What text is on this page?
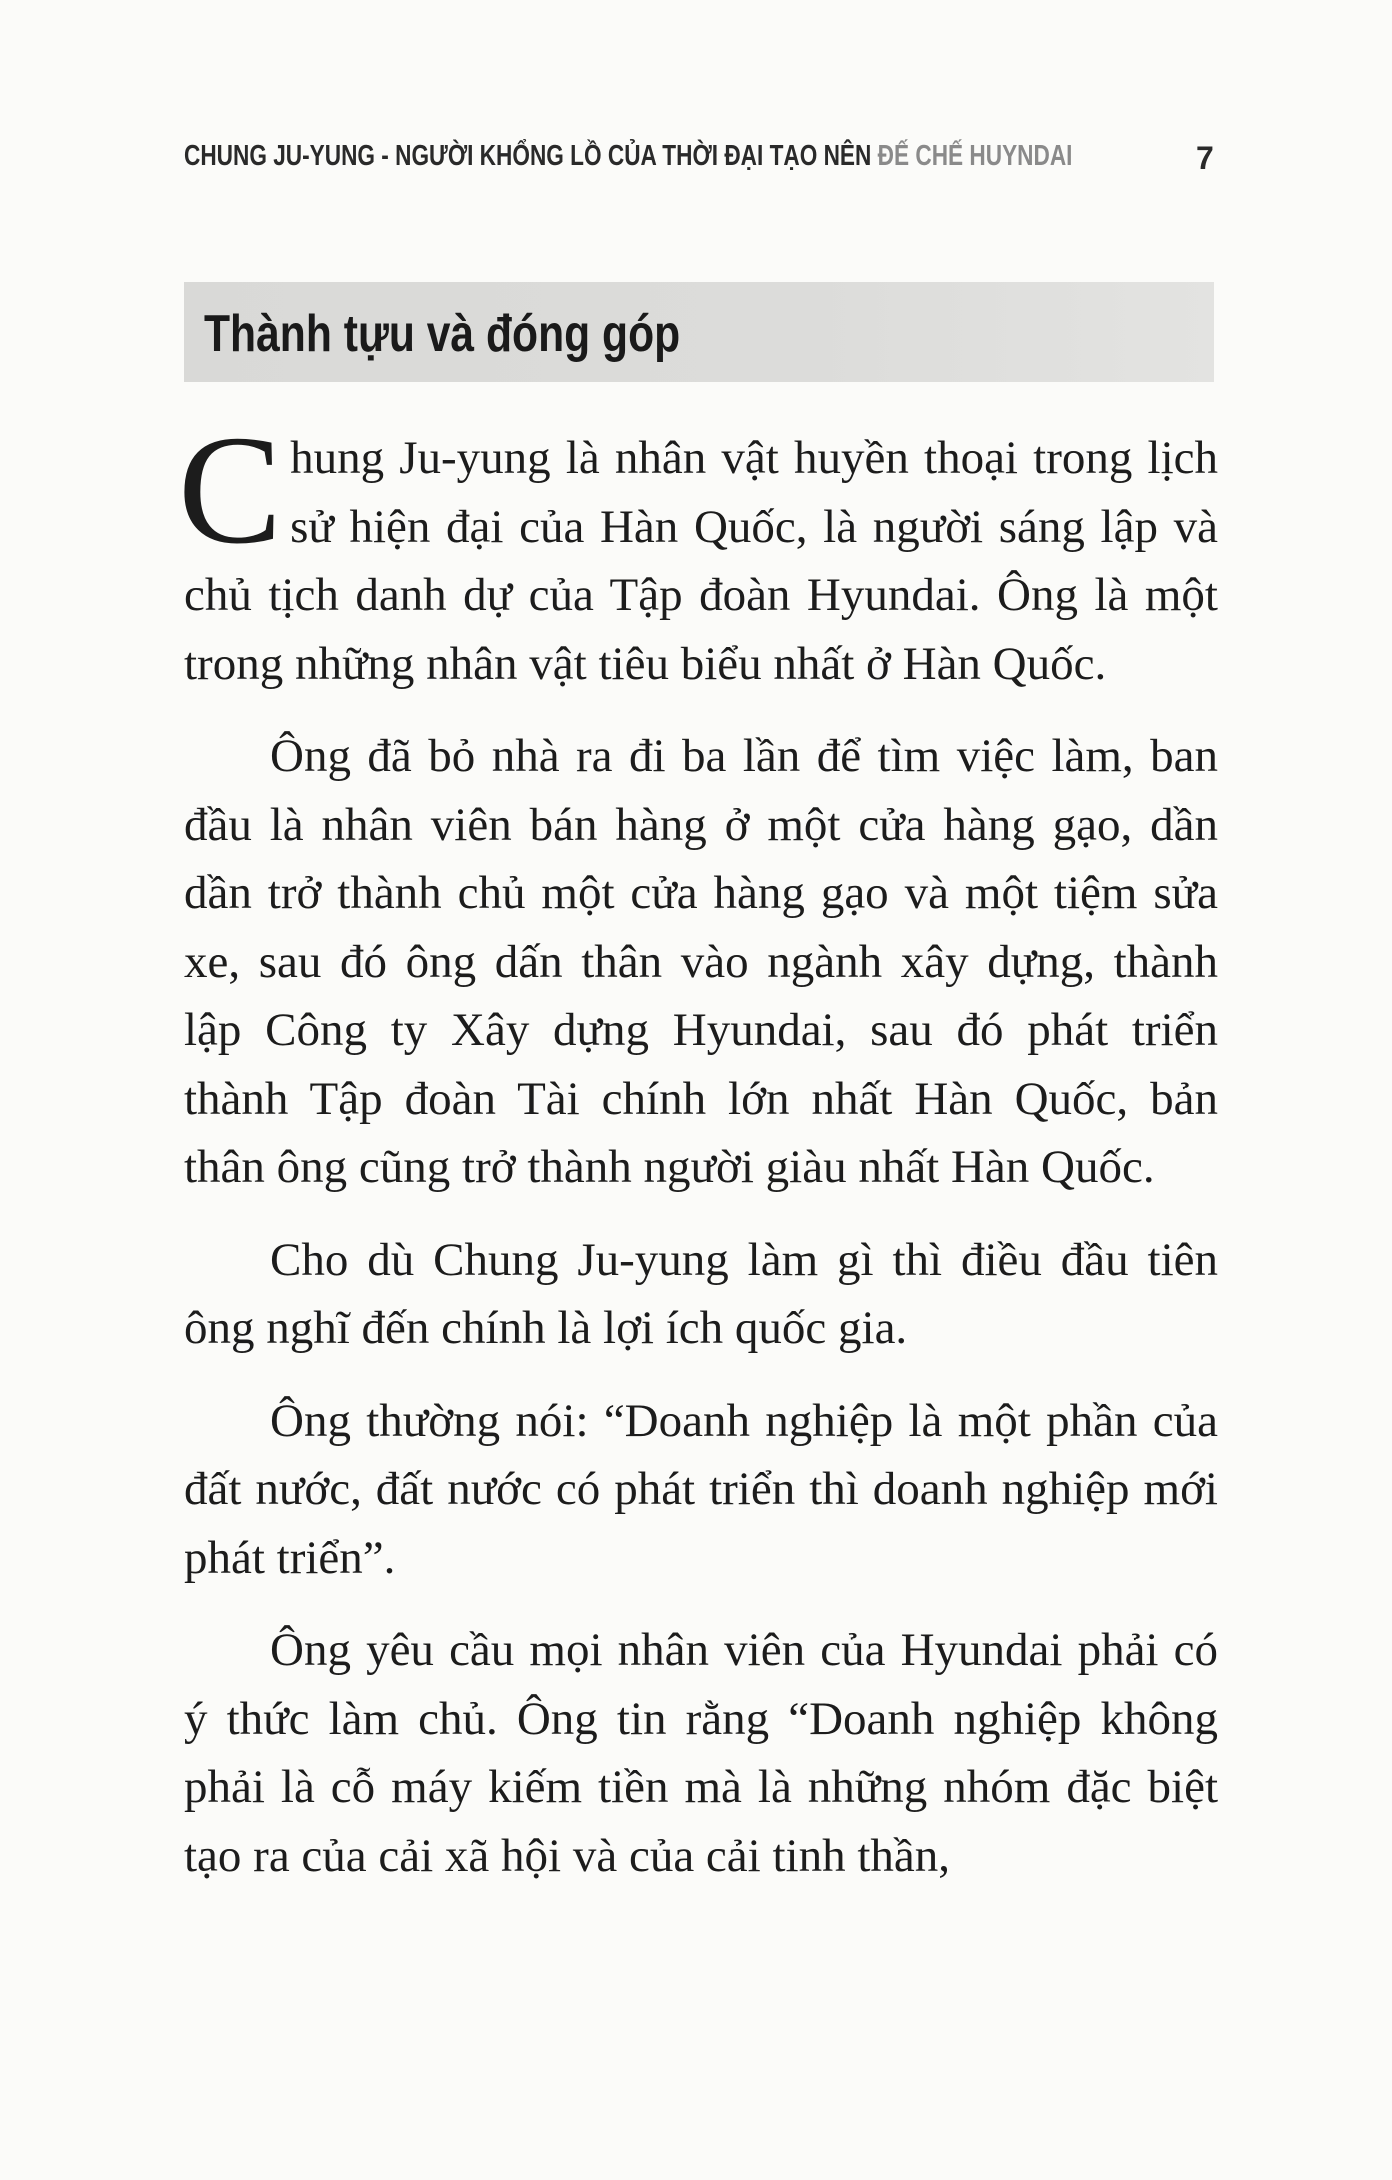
CHUNG JU-YUNG - NGƯỜI KHỔNG LỒ CỦA THỜI ĐẠI TẠO NÊN ĐẾ CHẾ HUYNDAI	7
Thành tựu và đóng góp

Chung Ju-yung là nhân vật huyền thoại trong lịch sử hiện đại của Hàn Quốc, là người sáng lập và chủ tịch danh dự của Tập đoàn Hyundai. Ông là một trong những nhân vật tiêu biểu nhất ở Hàn Quốc.

Ông đã bỏ nhà ra đi ba lần để tìm việc làm, ban đầu là nhân viên bán hàng ở một cửa hàng gạo, dần dần trở thành chủ một cửa hàng gạo và một tiệm sửa xe, sau đó ông dấn thân vào ngành xây dựng, thành lập Công ty Xây dựng Hyundai, sau đó phát triển thành Tập đoàn Tài chính lớn nhất Hàn Quốc, bản thân ông cũng trở thành người giàu nhất Hàn Quốc.

Cho dù Chung Ju-yung làm gì thì điều đầu tiên ông nghĩ đến chính là lợi ích quốc gia.

Ông thường nói: “Doanh nghiệp là một phần của đất nước, đất nước có phát triển thì doanh nghiệp mới phát triển”.

Ông yêu cầu mọi nhân viên của Hyundai phải có ý thức làm chủ. Ông tin rằng “Doanh nghiệp không phải là cỗ máy kiếm tiền mà là những nhóm đặc biệt tạo ra của cải xã hội và của cải tinh thần,
